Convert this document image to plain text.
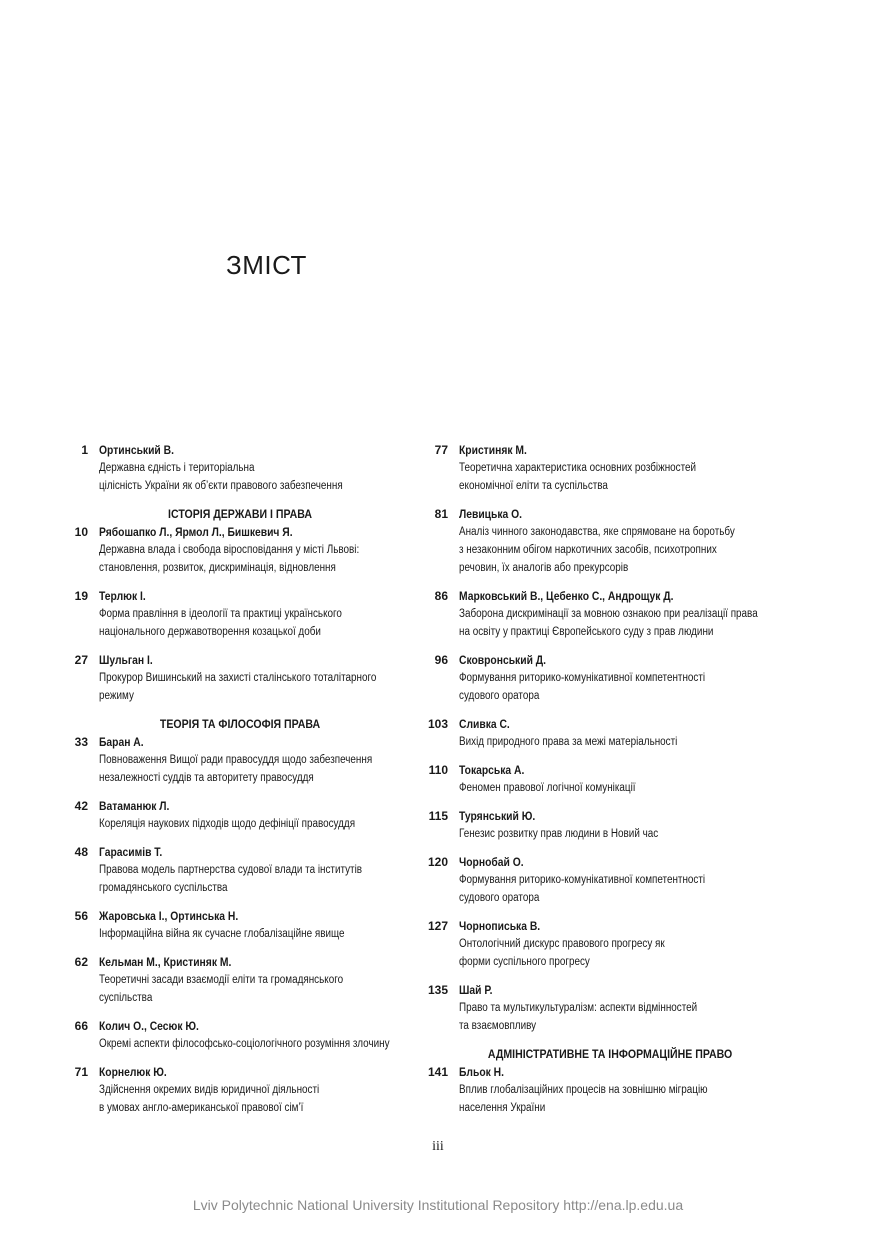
ЗМІСТ
1 Ортинський В.
Державна єдність і територіальна
цілісність України як об’єкти правового забезпечення
ІСТОРІЯ ДЕРЖАВИ І ПРАВА
10 Рябошапко Л., Ярмол Л., Бишкевич Я.
Державна влада і свобода віросповідання у місті Львові:
становлення, розвиток, дискримінація, відновлення
19 Терлюк І.
Форма правління в ідеології та практиці українського
національного державотворення козацької доби
27 Шульган І.
Прокурор Вишинський на захисті сталінського тоталітарного
режиму
ТЕОРІЯ ТА ФІЛОСОФІЯ ПРАВА
33 Баран А.
Повноваження Вищої ради правосуддя щодо забезпечення
незалежності суддів та авторитету правосуддя
42 Ватаманюк Л.
Кореляція наукових підходів щодо дефініції правосуддя
48 Гарасимів Т.
Правова модель партнерства судової влади та інститутів
громадянського суспільства
56 Жаровська І., Ортинська Н.
Інформаційна війна як сучасне глобалізаційне явище
62 Кельман М., Кристиняк М.
Теоретичні засади взаємодії еліти та громадянського
суспільства
66 Колич О., Сесюк Ю.
Окремі аспекти філософсько-соціологічного розуміння злочину
71 Корнелюк Ю.
Здійснення окремих видів юридичної діяльності
в умовах англо-американської правової сім’ї
77 Кристиняк М.
Теоретична характеристика основних розбіжностей
економічної еліти та суспільства
81 Левицька О.
Аналіз чинного законодавства, яке спрямоване на боротьбу
з незаконним обігом наркотичних засобів, психотропних
речовин, їх аналогів або прекурсорів
86 Марковський В., Цебенко С., Андрощук Д.
Заборона дискримінації за мовною ознакою при реалізації права
на освіту у практиці Європейського суду з прав людини
96 Сковронський Д.
Формування риторико-комунікативної компетентності
судового оратора
103 Сливка С.
Вихід природного права за межі матеріальності
110 Токарська А.
Феномен правової логічної комунікації
115 Турянський Ю.
Генезис розвитку прав людини в Новий час
120 Чорнобай О.
Формування риторико-комунікативної компетентності
судового оратора
127 Чорнописька В.
Онтологічний дискурс правового прогресу як
форми суспільного прогресу
135 Шай Р.
Право та мультикультуралізм: аспекти відмінностей
та взаємовпливу
АДМІНІСТРАТИВНЕ ТА ІНФОРМАЦІЙНЕ ПРАВО
141 Бльок Н.
Вплив глобалізаційних процесів на зовнішню міграцію
населення України
iii
Lviv Polytechnic National University Institutional Repository http://ena.lp.edu.ua
